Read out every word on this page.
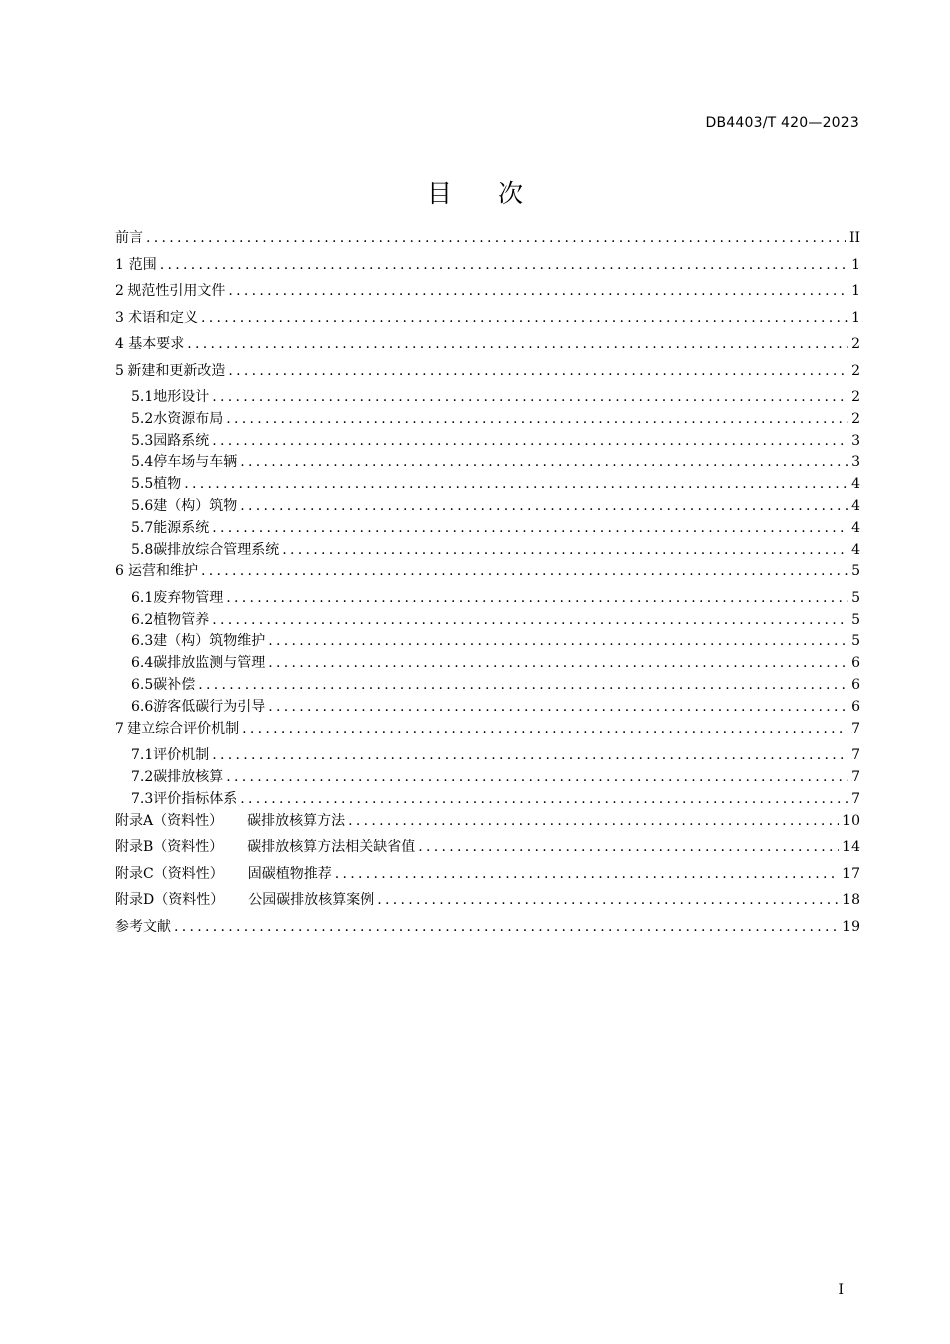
DB4403/T 420—2023
目次
前言 .....	II
1 范围 .....	1
2 规范性引用文件 .....	1
3 术语和定义 .....	1
4 基本要求 .....	2
5 新建和更新改造 .....	2
5.1 地形设计 .....	2
5.2 水资源布局 .....	2
5.3 园路系统 .....	3
5.4 停车场与车辆 .....	3
5.5 植物 .....	4
5.6 建（构）筑物 .....	4
5.7 能源系统 .....	4
5.8 碳排放综合管理系统 .....	4
6 运营和维护 .....	5
6.1 废弃物管理 .....	5
6.2 植物管养 .....	5
6.3 建（构）筑物维护 .....	5
6.4 碳排放监测与管理 .....	6
6.5 碳补偿 .....	6
6.6 游客低碳行为引导 .....	6
7 建立综合评价机制 .....	7
7.1 评价机制 .....	7
7.2 碳排放核算 .....	7
7.3 评价指标体系 .....	7
附录A（资料性） 碳排放核算方法 .....	10
附录B（资料性） 碳排放核算方法相关缺省值 .....	14
附录C（资料性） 固碳植物推荐 .....	17
附录D（资料性） 公园碳排放核算案例 .....	18
参考文献 .....	19
I
